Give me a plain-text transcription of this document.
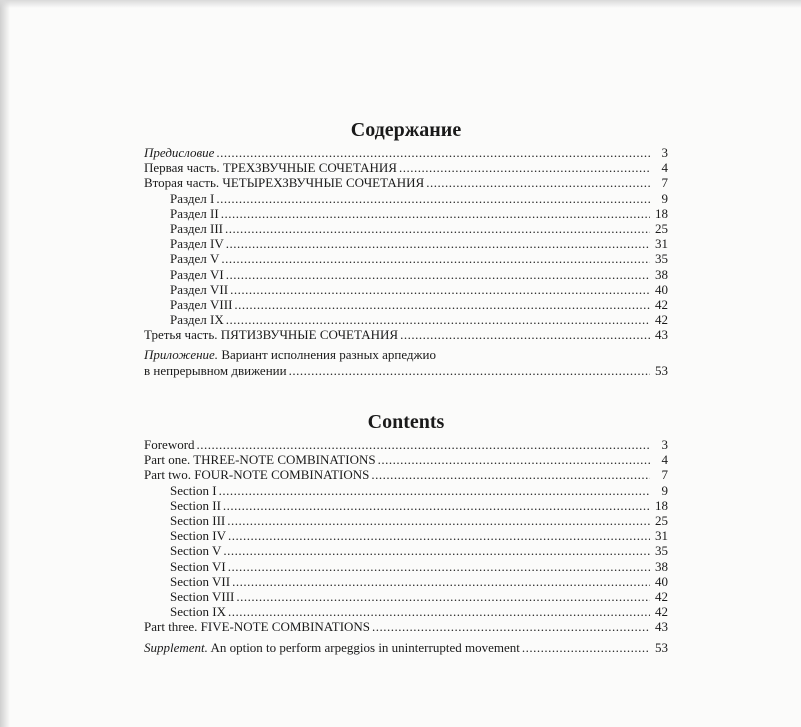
Содержание
Предисловие .....	3
Первая часть. ТРЕХЗВУЧНЫЕ СОЧЕТАНИЯ .....	4
Вторая часть. ЧЕТЫРЕХЗВУЧНЫЕ СОЧЕТАНИЯ .....	7
Раздел I .....	9
Раздел II .....	18
Раздел III .....	25
Раздел IV .....	31
Раздел V .....	35
Раздел VI .....	38
Раздел VII .....	40
Раздел VIII .....	42
Раздел IX .....	42
Третья часть. ПЯТИЗВУЧНЫЕ СОЧЕТАНИЯ .....	43
Приложение. Вариант исполнения разных арпеджио
в непрерывном движении .....	53
Contents
Foreword .....	3
Part one. THREE-NOTE COMBINATIONS .....	4
Part two. FOUR-NOTE COMBINATIONS .....	7
Section I .....	9
Section II .....	18
Section III .....	25
Section IV .....	31
Section V .....	35
Section VI .....	38
Section VII .....	40
Section VIII .....	42
Section IX .....	42
Part three. FIVE-NOTE COMBINATIONS .....	43
Supplement. An option to perform arpeggios in uninterrupted movement .....	53
